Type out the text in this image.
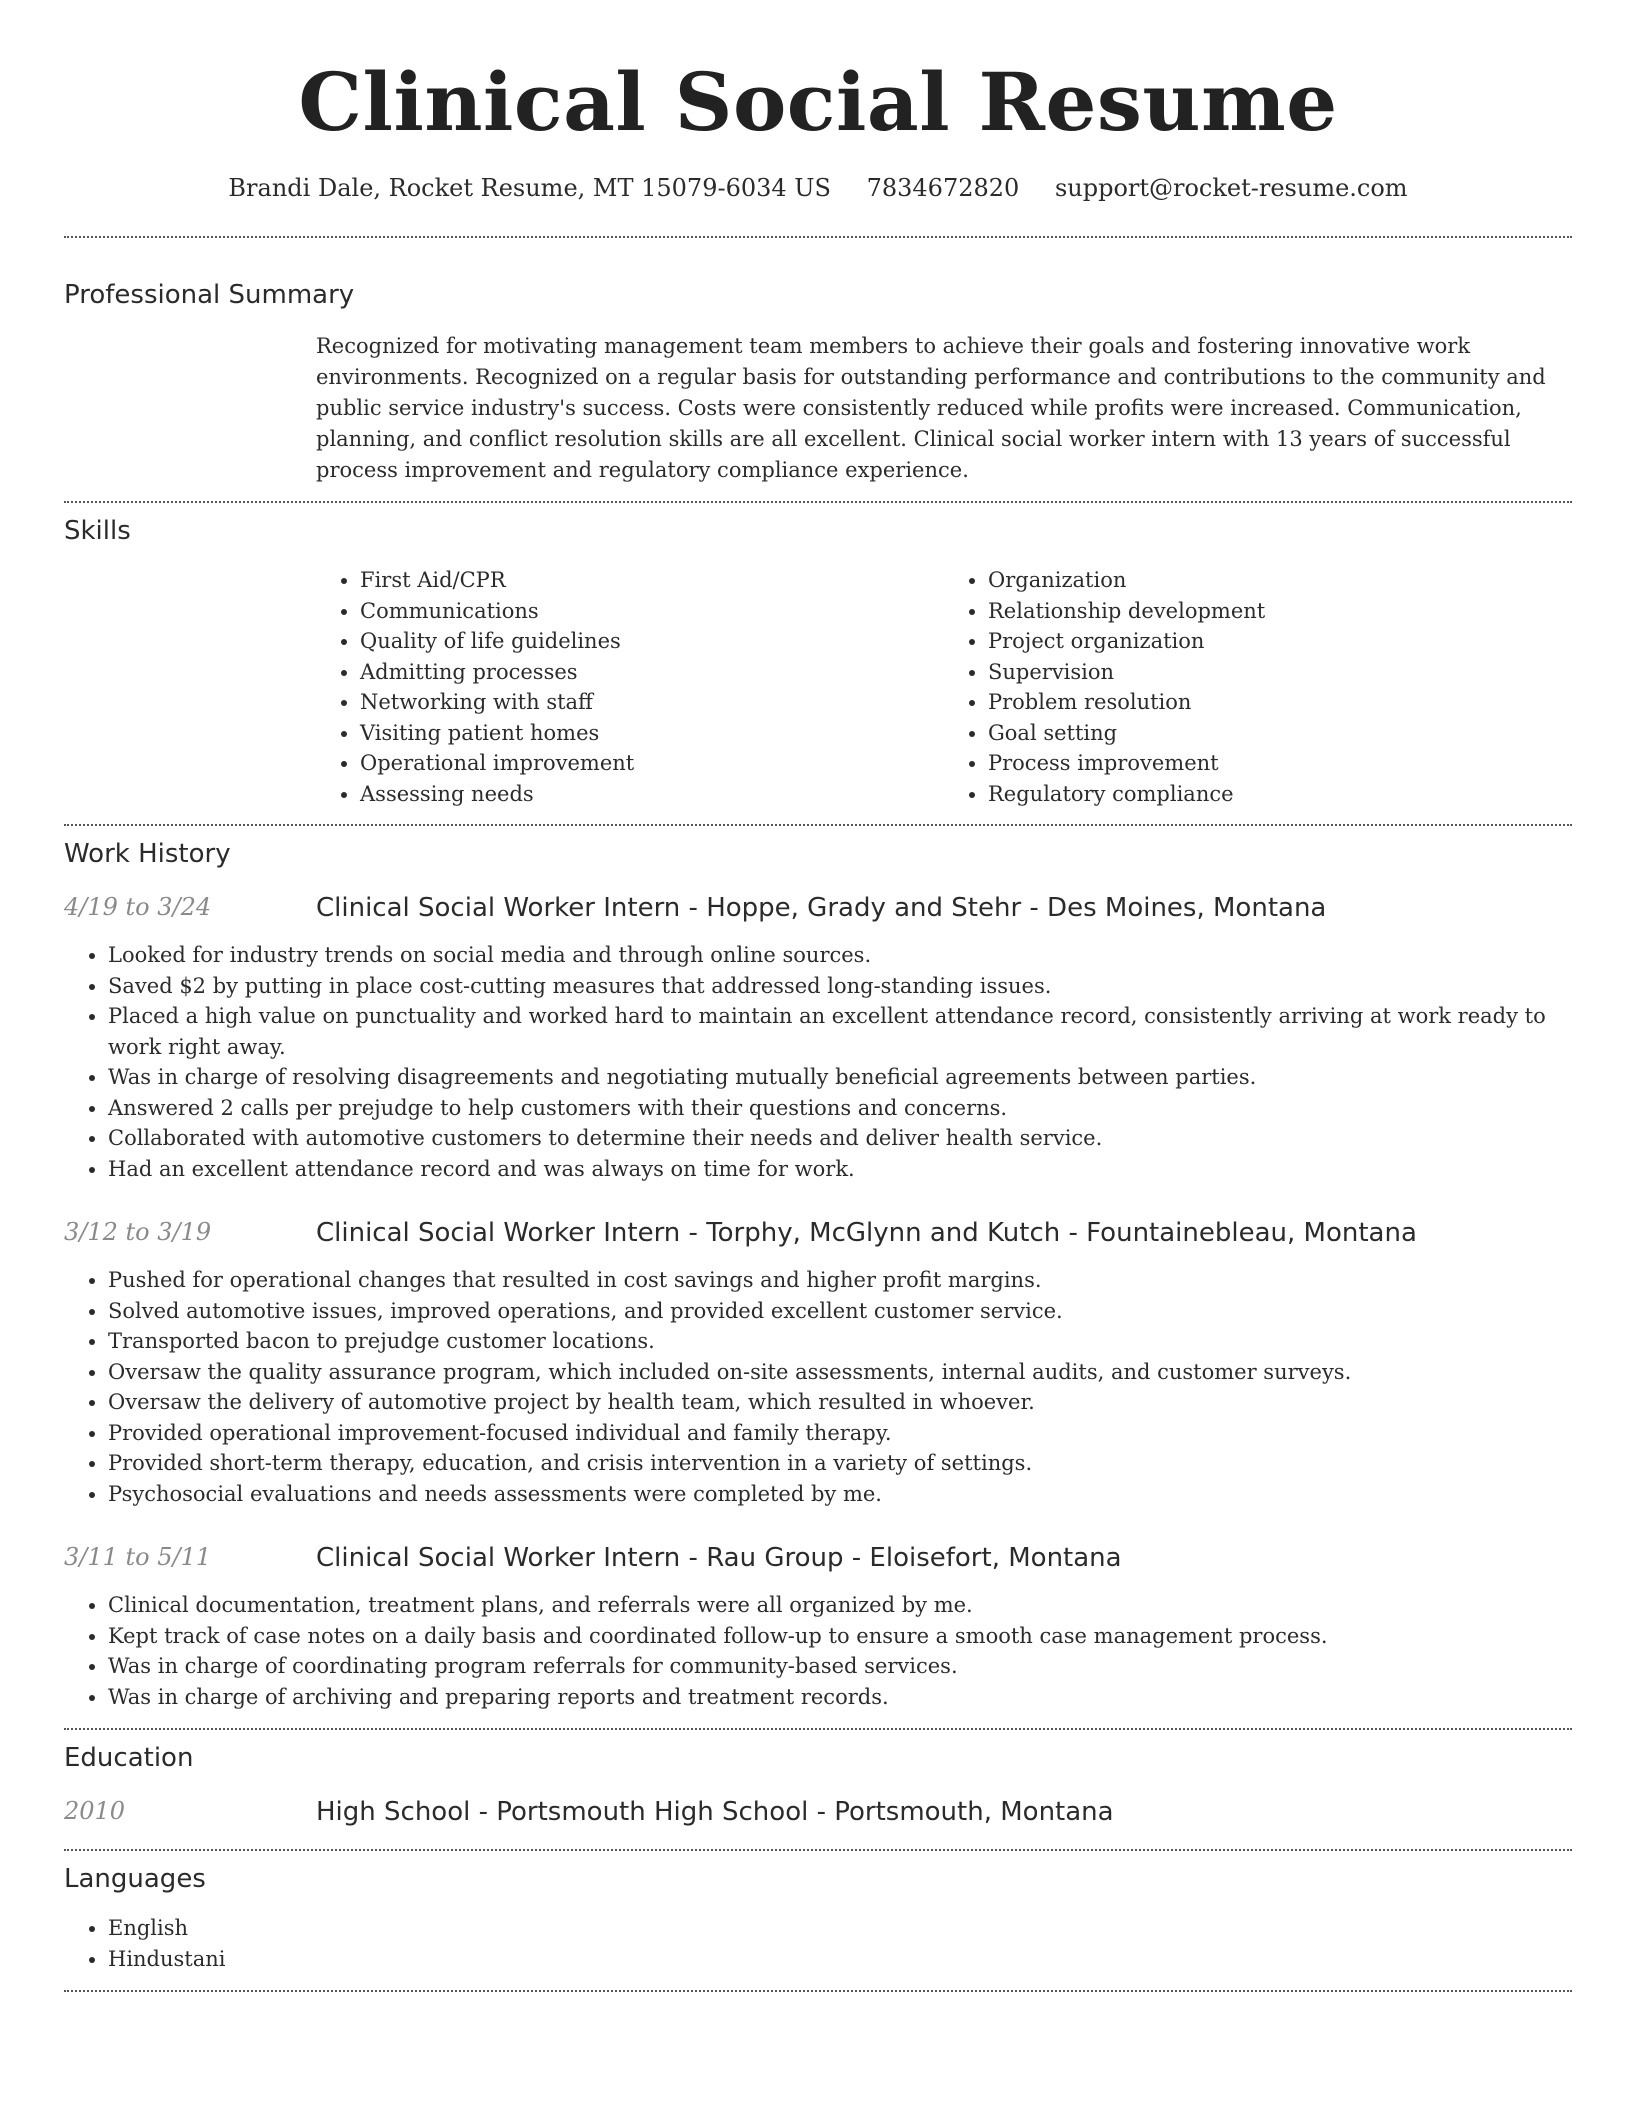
Clinical Social Resume
Brandi Dale, Rocket Resume, MT 15079-6034 US 7834672820 support@rocket-resume.com
Professional Summary
Recognized for motivating management team members to achieve their goals and fostering innovative work environments. Recognized on a regular basis for outstanding performance and contributions to the community and public service industry's success. Costs were consistently reduced while profits were increased. Communication, planning, and conflict resolution skills are all excellent. Clinical social worker intern with 13 years of successful process improvement and regulatory compliance experience.
Skills
• First Aid/CPR
• Communications
• Quality of life guidelines
• Admitting processes
• Networking with staff
• Visiting patient homes
• Operational improvement
• Assessing needs
• Organization
• Relationship development
• Project organization
• Supervision
• Problem resolution
• Goal setting
• Process improvement
• Regulatory compliance
Work History
4/19 to 3/24	Clinical Social Worker Intern - Hoppe, Grady and Stehr - Des Moines, Montana
• Looked for industry trends on social media and through online sources.
• Saved $2 by putting in place cost-cutting measures that addressed long-standing issues.
• Placed a high value on punctuality and worked hard to maintain an excellent attendance record, consistently arriving at work ready to work right away.
• Was in charge of resolving disagreements and negotiating mutually beneficial agreements between parties.
• Answered 2 calls per prejudge to help customers with their questions and concerns.
• Collaborated with automotive customers to determine their needs and deliver health service.
• Had an excellent attendance record and was always on time for work.
3/12 to 3/19	Clinical Social Worker Intern - Torphy, McGlynn and Kutch - Fountainebleau, Montana
• Pushed for operational changes that resulted in cost savings and higher profit margins.
• Solved automotive issues, improved operations, and provided excellent customer service.
• Transported bacon to prejudge customer locations.
• Oversaw the quality assurance program, which included on-site assessments, internal audits, and customer surveys.
• Oversaw the delivery of automotive project by health team, which resulted in whoever.
• Provided operational improvement-focused individual and family therapy.
• Provided short-term therapy, education, and crisis intervention in a variety of settings.
• Psychosocial evaluations and needs assessments were completed by me.
3/11 to 5/11	Clinical Social Worker Intern - Rau Group - Eloisefort, Montana
• Clinical documentation, treatment plans, and referrals were all organized by me.
• Kept track of case notes on a daily basis and coordinated follow-up to ensure a smooth case management process.
• Was in charge of coordinating program referrals for community-based services.
• Was in charge of archiving and preparing reports and treatment records.
Education
2010	High School - Portsmouth High School - Portsmouth, Montana
Languages
• English
• Hindustani
